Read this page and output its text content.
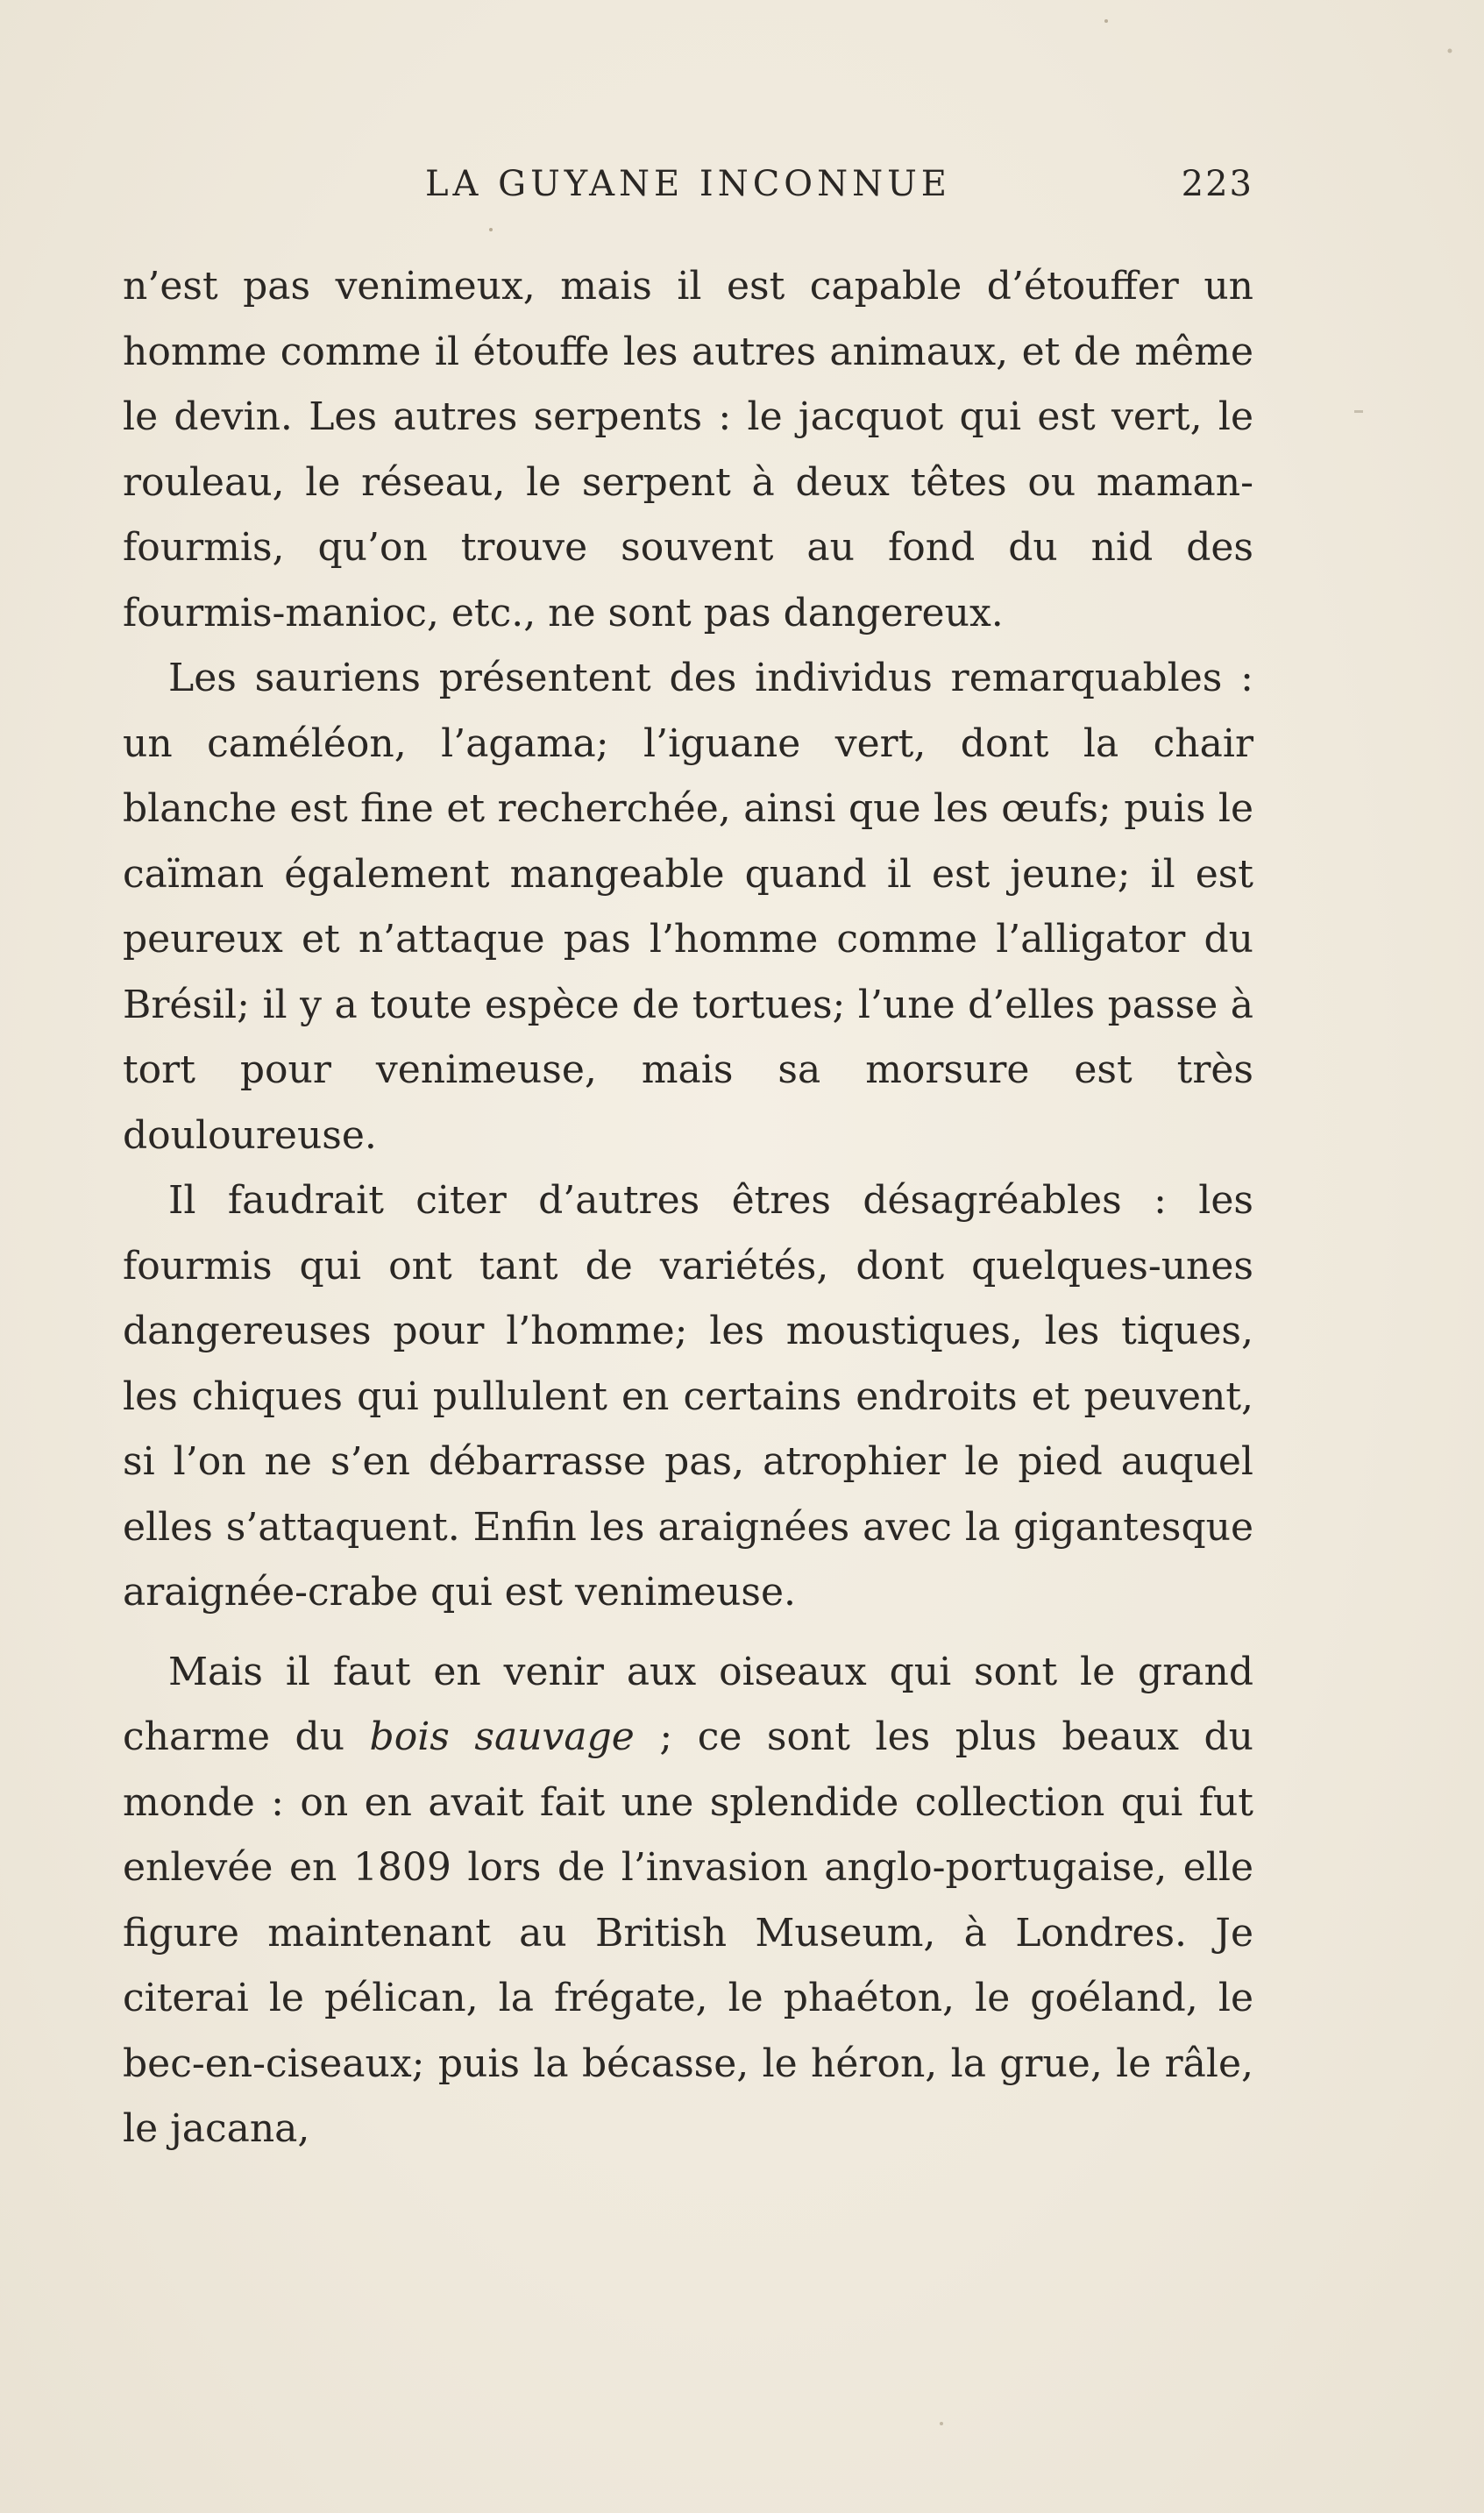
LA GUYANE INCONNUE	223

n’est pas venimeux, mais il est capable d’étouffer un homme comme il étouffe les autres animaux, et de même le devin. Les autres serpents : le jacquot qui est vert, le rouleau, le réseau, le serpent à deux têtes ou maman-fourmis, qu’on trouve souvent au fond du nid des fourmis-manioc, etc., ne sont pas dangereux.

Les sauriens présentent des individus remarquables : un caméléon, l’agama; l’iguane vert, dont la chair blanche est fine et recherchée, ainsi que les œufs; puis le caïman également mangeable quand il est jeune; il est peureux et n’attaque pas l’homme comme l’alligator du Brésil; il y a toute espèce de tortues; l’une d’elles passe à tort pour venimeuse, mais sa morsure est très douloureuse.

Il faudrait citer d’autres êtres désagréables : les fourmis qui ont tant de variétés, dont quelques-unes dangereuses pour l’homme; les moustiques, les tiques, les chiques qui pullulent en certains endroits et peuvent, si l’on ne s’en débarrasse pas, atrophier le pied auquel elles s’attaquent. Enfin les araignées avec la gigantesque araignée-crabe qui est venimeuse.

Mais il faut en venir aux oiseaux qui sont le grand charme du bois sauvage ; ce sont les plus beaux du monde : on en avait fait une splendide collection qui fut enlevée en 1809 lors de l’invasion anglo-portugaise, elle figure maintenant au British Museum, à Londres. Je citerai le pélican, la frégate, le phaéton, le goéland, le bec-en-ciseaux; puis la bécasse, le héron, la grue, le râle, le jacana,
